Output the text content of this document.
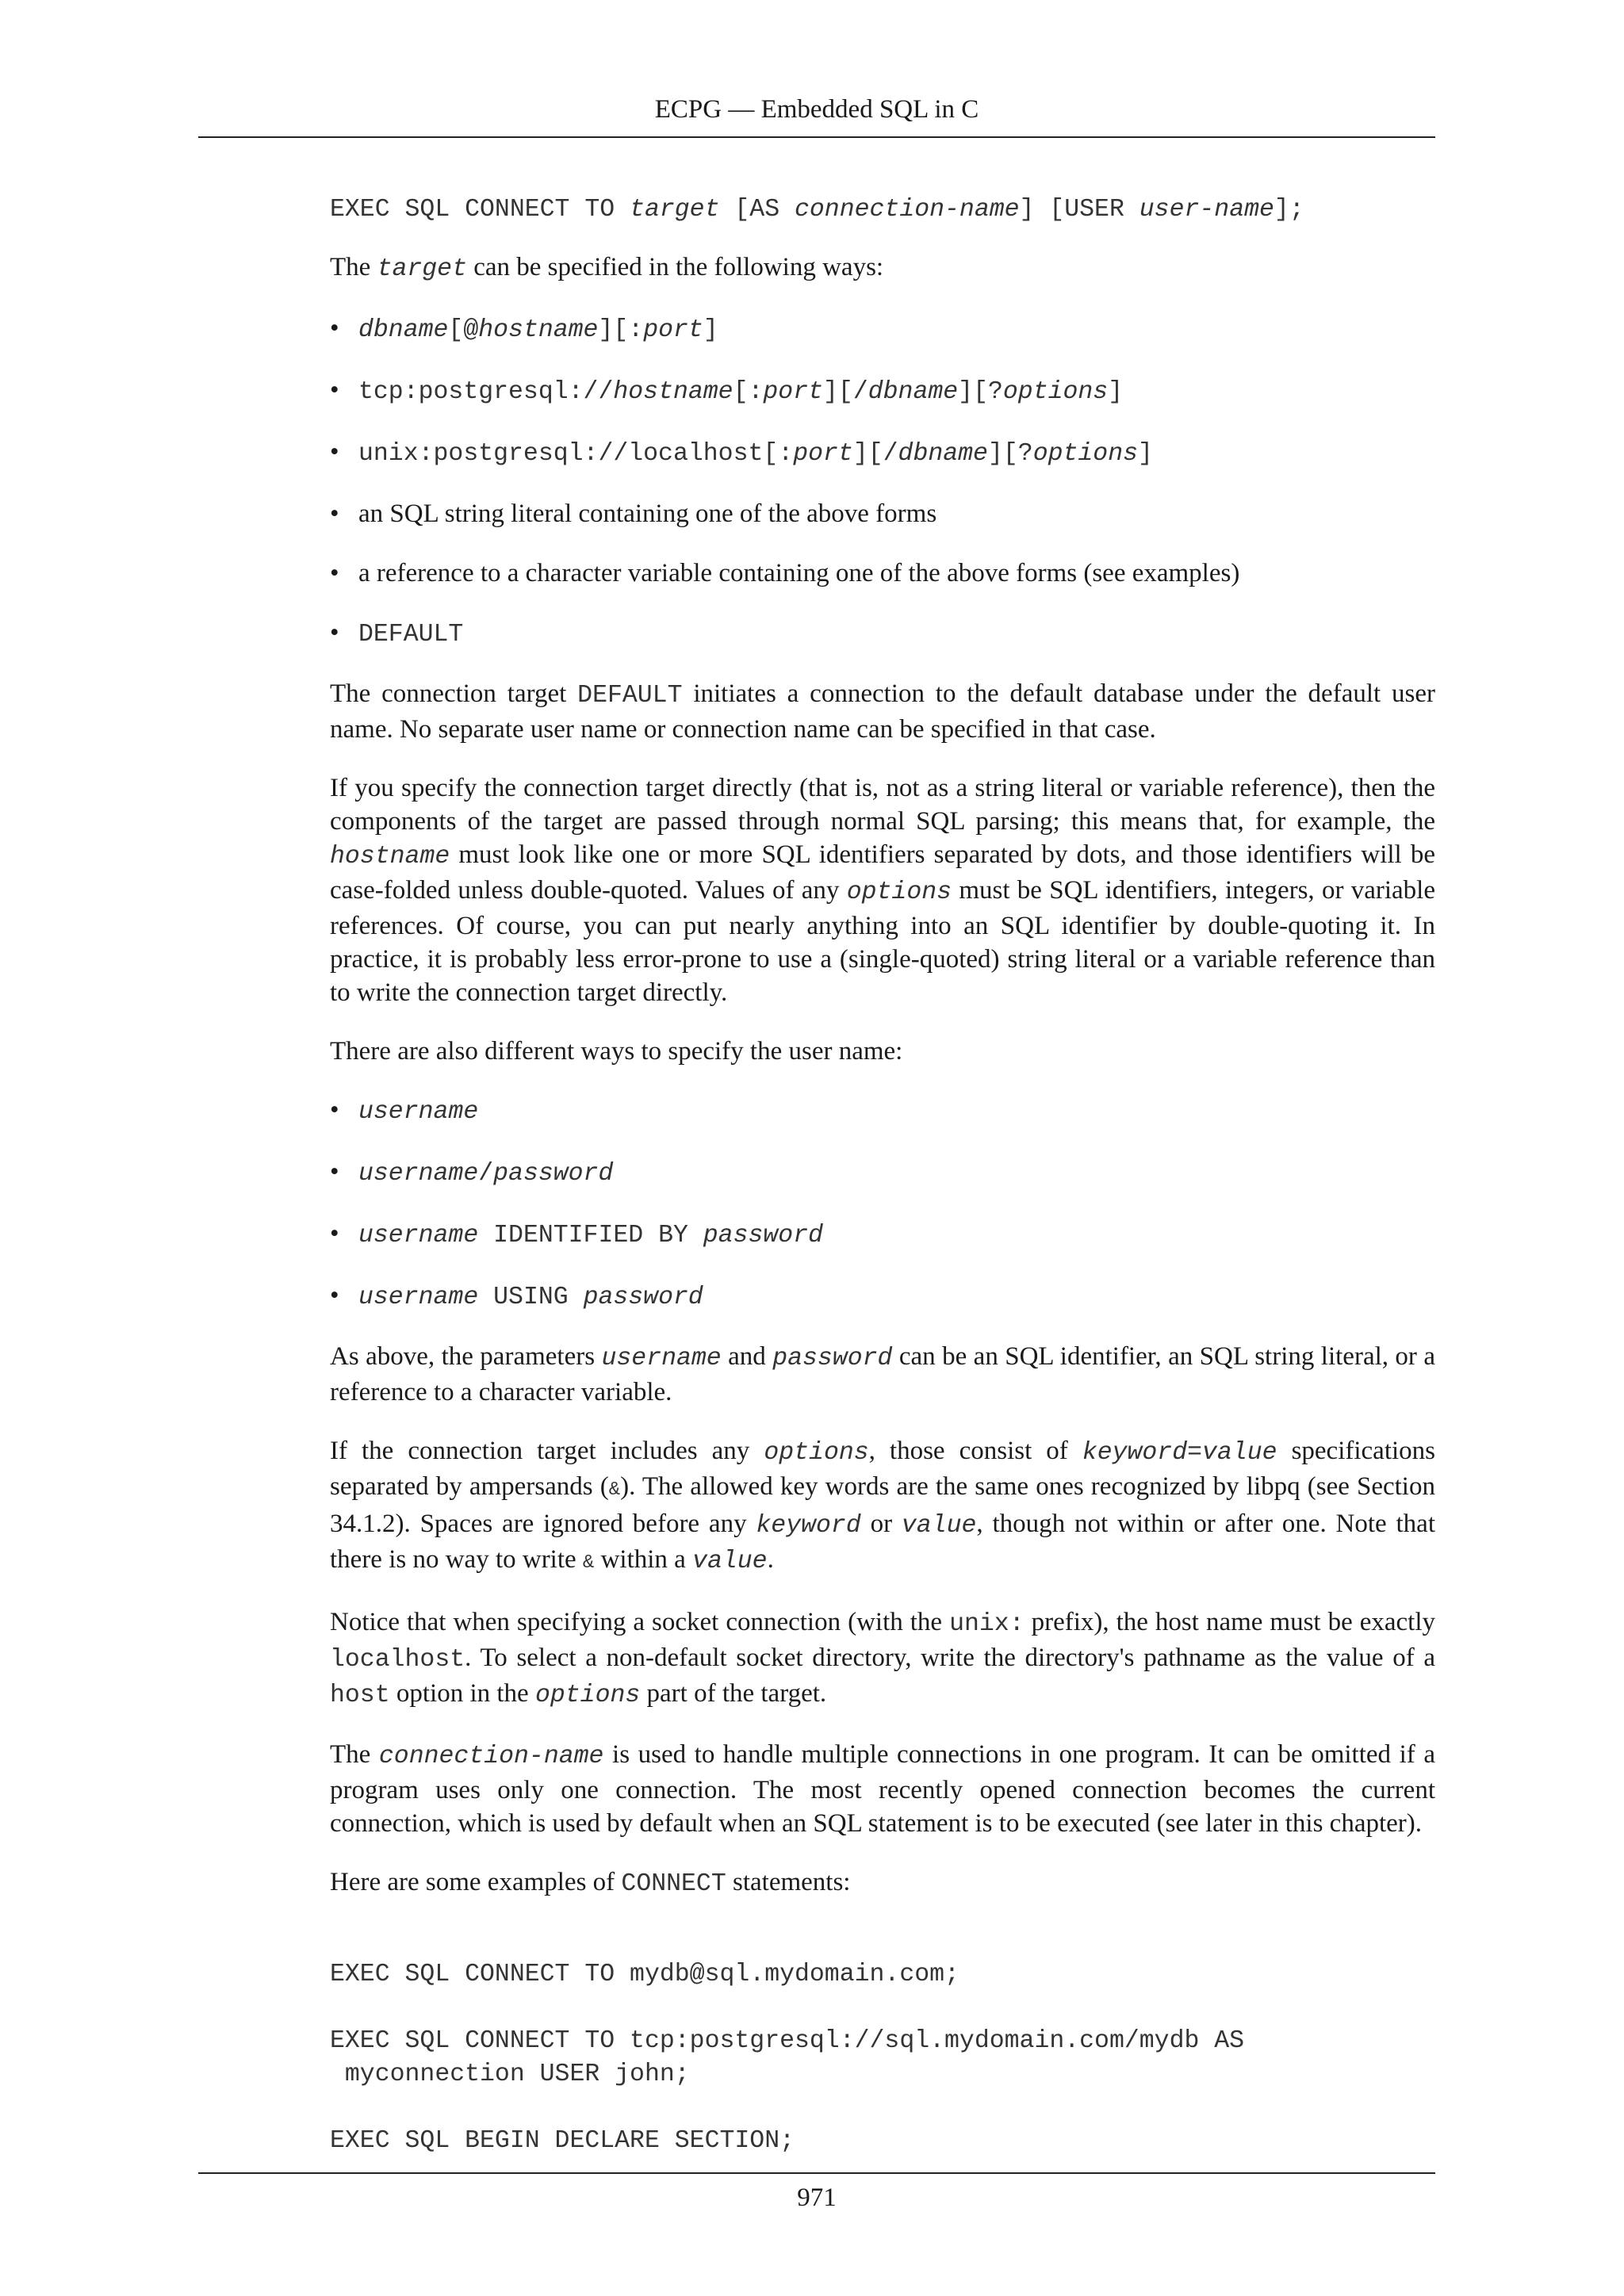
ECPG — Embedded SQL in C
EXEC SQL CONNECT TO target [AS connection-name] [USER user-name];

The target can be specified in the following ways:

• dbname[@hostname][:port]
• tcp:postgresql://hostname[:port][/dbname][?options]
• unix:postgresql://localhost[:port][/dbname][?options]
• an SQL string literal containing one of the above forms
• a reference to a character variable containing one of the above forms (see examples)
• DEFAULT

The connection target DEFAULT initiates a connection to the default database under the default user name. No separate user name or connection name can be specified in that case.

If you specify the connection target directly (that is, not as a string literal or variable reference), then the components of the target are passed through normal SQL parsing; this means that, for example, the hostname must look like one or more SQL identifiers separated by dots, and those identifiers will be case-folded unless double-quoted. Values of any options must be SQL identifiers, integers, or variable references. Of course, you can put nearly anything into an SQL identifier by double-quoting it. In practice, it is probably less error-prone to use a (single-quoted) string literal or a variable reference than to write the connection target directly.

There are also different ways to specify the user name:

• username
• username/password
• username IDENTIFIED BY password
• username USING password

As above, the parameters username and password can be an SQL identifier, an SQL string literal, or a reference to a character variable.

If the connection target includes any options, those consist of keyword=value specifications separated by ampersands (&). The allowed key words are the same ones recognized by libpq (see Section 34.1.2). Spaces are ignored before any keyword or value, though not within or after one. Note that there is no way to write & within a value.

Notice that when specifying a socket connection (with the unix: prefix), the host name must be exactly localhost. To select a non-default socket directory, write the directory's pathname as the value of a host option in the options part of the target.

The connection-name is used to handle multiple connections in one program. It can be omitted if a program uses only one connection. The most recently opened connection becomes the current connection, which is used by default when an SQL statement is to be executed (see later in this chapter).

Here are some examples of CONNECT statements:

EXEC SQL CONNECT TO mydb@sql.mydomain.com;
EXEC SQL CONNECT TO tcp:postgresql://sql.mydomain.com/mydb AS
myconnection USER john;
EXEC SQL BEGIN DECLARE SECTION;
971
